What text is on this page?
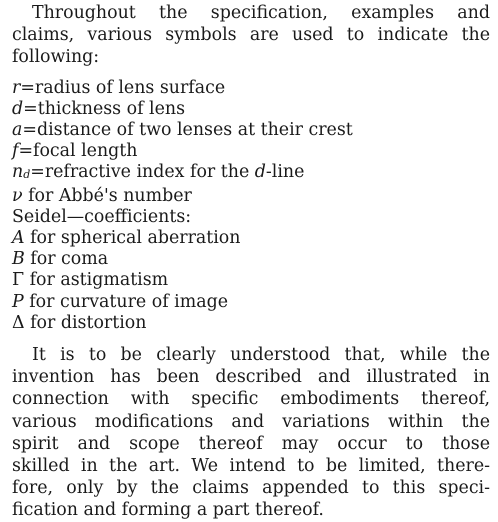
Throughout the specification, examples and
claims, various symbols are used to indicate the
following:

r=radius of lens surface
d=thickness of lens
a=distance of two lenses at their crest
f=focal length
nd=refractive index for the d-line
ν for Abbé's number
Seidel—coefficients:
A for spherical aberration
B for coma
Γ for astigmatism
P for curvature of image
Δ for distortion

It is to be clearly understood that, while the
invention has been described and illustrated in
connection with specific embodiments thereof,
various modifications and variations within the
spirit and scope thereof may occur to those
skilled in the art. We intend to be limited, there-
fore, only by the claims appended to this speci-
fication and forming a part thereof.
